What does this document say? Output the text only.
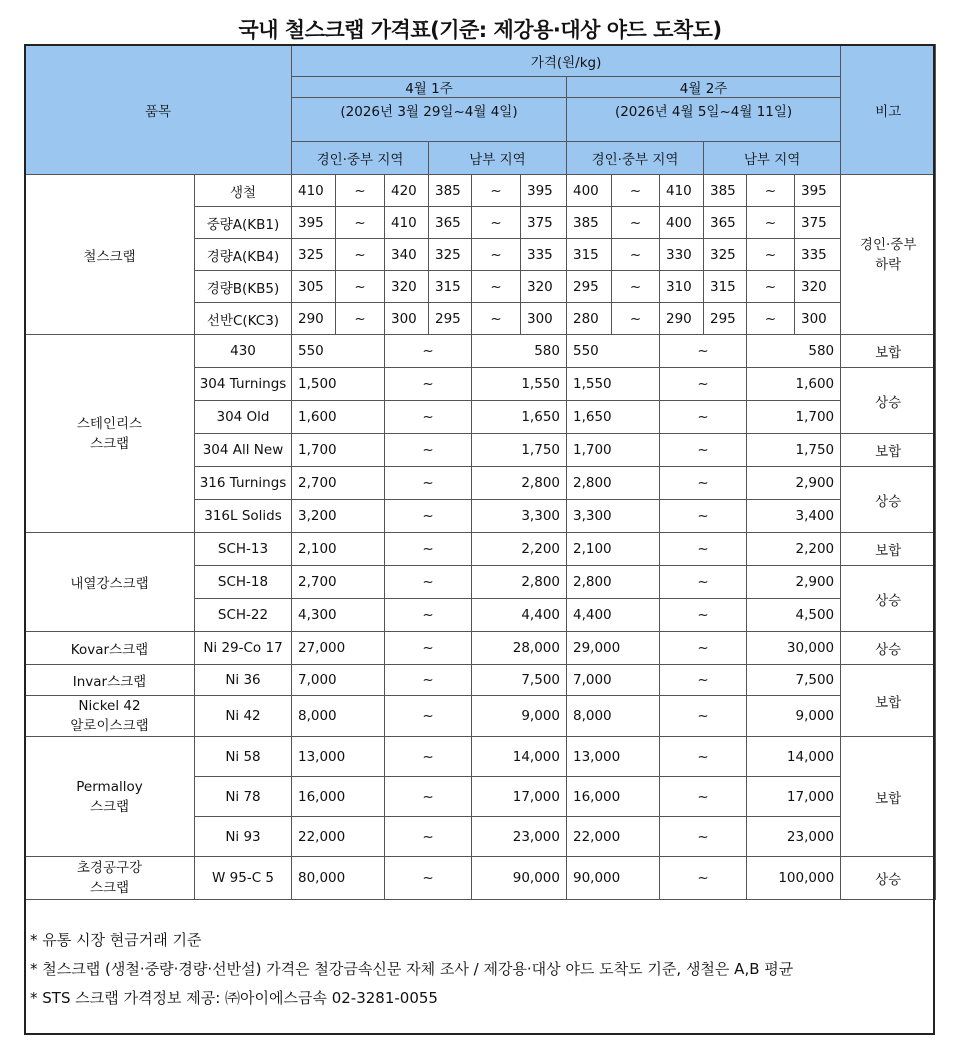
국내 철스크랩 가격표(기준: 제강용·대상 야드 도착도)
품목		가격(원/kg)												비고
		4월 1주						4월 2주						
		(2026년 3월 29일~4월 4일)						(2026년 4월 5일~4월 11일)						
		경인·중부 지역			남부 지역			경인·중부 지역			남부 지역			
철스크랩	생철	410	~	420	385	~	395	400	~	410	385	~	395	경인·중부
하락
	중량A(KB1)	395	~	410	365	~	375	385	~	400	365	~	375	
	경량A(KB4)	325	~	340	325	~	335	315	~	330	325	~	335	
	경량B(KB5)	305	~	320	315	~	320	295	~	310	315	~	320	
	선반C(KC3)	290	~	300	295	~	300	280	~	290	295	~	300	
스테인리스
스크랩	430	550		~		580		550		~		580		보합
	304 Turnings	1,500		~		1,550		1,550		~		1,600		상승
	304 Old	1,600		~		1,650		1,650		~		1,700		
	304 All New	1,700		~		1,750		1,700		~		1,750		보합
	316 Turnings	2,700		~		2,800		2,800		~		2,900		상승
	316L Solids	3,200		~		3,300		3,300		~		3,400		
내열강스크랩	SCH-13	2,100		~		2,200		2,100		~		2,200		보합
	SCH-18	2,700		~		2,800		2,800		~		2,900		상승
	SCH-22	4,300		~		4,400		4,400		~		4,500		
Kovar스크랩	Ni 29-Co 17	27,000		~		28,000		29,000		~		30,000		상승
Invar스크랩	Ni 36	7,000		~		7,500		7,000		~		7,500		보합
Nickel 42
알로이스크랩	Ni 42	8,000		~		9,000		8,000		~		9,000		
Permalloy
스크랩	Ni 58	13,000		~		14,000		13,000		~		14,000		보합
	Ni 78	16,000		~		17,000		16,000		~		17,000		
	Ni 93	22,000		~		23,000		22,000		~		23,000		
초경공구강
스크랩	W 95-C 5	80,000		~		90,000		90,000		~		100,000		상승
* 유통 시장 현금거래 기준
* 철스크랩 (생철·중량·경량·선반설) 가격은 철강금속신문 자체 조사 / 제강용·대상 야드 도착도 기준, 생철은 A,B 평균
* STS 스크랩 가격정보 제공: ㈜아이에스금속 02-3281-0055
